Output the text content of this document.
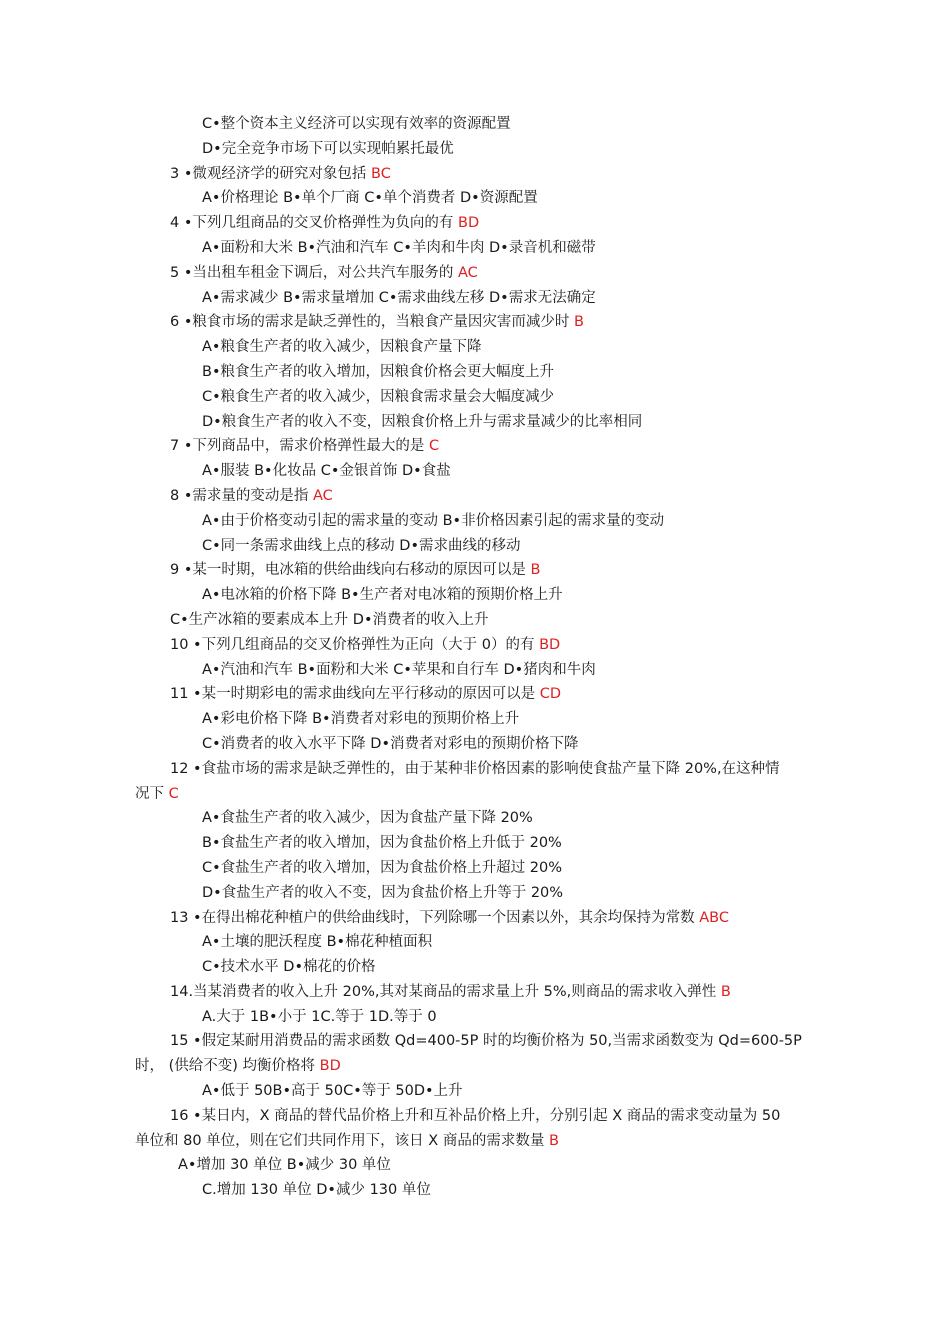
C•整个资本主义经济可以实现有效率的资源配置
D•完全竞争市场下可以实现帕累托最优
3 •微观经济学的研究对象包括 BC
A•价格理论 B•单个厂商 C•单个消费者 D•资源配置
4 •下列几组商品的交叉价格弹性为负向的有 BD
A•面粉和大米 B•汽油和汽车 C•羊肉和牛肉 D•录音机和磁带
5 •当出租车租金下调后，对公共汽车服务的 AC
A•需求减少 B•需求量增加 C•需求曲线左移 D•需求无法确定
6 •粮食市场的需求是缺乏弹性的，当粮食产量因灾害而减少时 B
A•粮食生产者的收入减少，因粮食产量下降
B•粮食生产者的收入增加，因粮食价格会更大幅度上升
C•粮食生产者的收入减少，因粮食需求量会大幅度减少
D•粮食生产者的收入不变，因粮食价格上升与需求量减少的比率相同
7 •下列商品中，需求价格弹性最大的是 C
A•服装 B•化妆品 C•金银首饰 D•食盐
8 •需求量的变动是指 AC
A•由于价格变动引起的需求量的变动 B•非价格因素引起的需求量的变动
C•同一条需求曲线上点的移动 D•需求曲线的移动
9 •某一时期，电冰箱的供给曲线向右移动的原因可以是 B
A•电冰箱的价格下降 B•生产者对电冰箱的预期价格上升
C•生产冰箱的要素成本上升 D•消费者的收入上升
10 •下列几组商品的交叉价格弹性为正向（大于 0）的有 BD
A•汽油和汽车 B•面粉和大米 C•苹果和自行车 D•猪肉和牛肉
11 •某一时期彩电的需求曲线向左平行移动的原因可以是 CD
A•彩电价格下降 B•消费者对彩电的预期价格上升
C•消费者的收入水平下降 D•消费者对彩电的预期价格下降
12 •食盐市场的需求是缺乏弹性的，由于某种非价格因素的影响使食盐产量下降 20%,在这种情
况下 C
A•食盐生产者的收入减少，因为食盐产量下降 20%
B•食盐生产者的收入增加，因为食盐价格上升低于 20%
C•食盐生产者的收入增加，因为食盐价格上升超过 20%
D•食盐生产者的收入不变，因为食盐价格上升等于 20%
13 •在得出棉花种植户的供给曲线时，下列除哪一个因素以外，其余均保持为常数 ABC
A•土壤的肥沃程度 B•棉花种植面积
C•技术水平 D•棉花的价格
14.当某消费者的收入上升 20%,其对某商品的需求量上升 5%,则商品的需求收入弹性 B
A.大于 1B•小于 1C.等于 1D.等于 0
15 •假定某耐用消费品的需求函数 Qd=400-5P 时的均衡价格为 50,当需求函数变为 Qd=600-5P
时， (供给不变) 均衡价格将 BD
A•低于 50B•高于 50C•等于 50D•上升
16 •某日内，X 商品的替代品价格上升和互补品价格上升，分别引起 X 商品的需求变动量为 50
单位和 80 单位，则在它们共同作用下，该日 X 商品的需求数量 B
A•增加 30 单位 B•减少 30 单位
C.增加 130 单位 D•减少 130 单位
